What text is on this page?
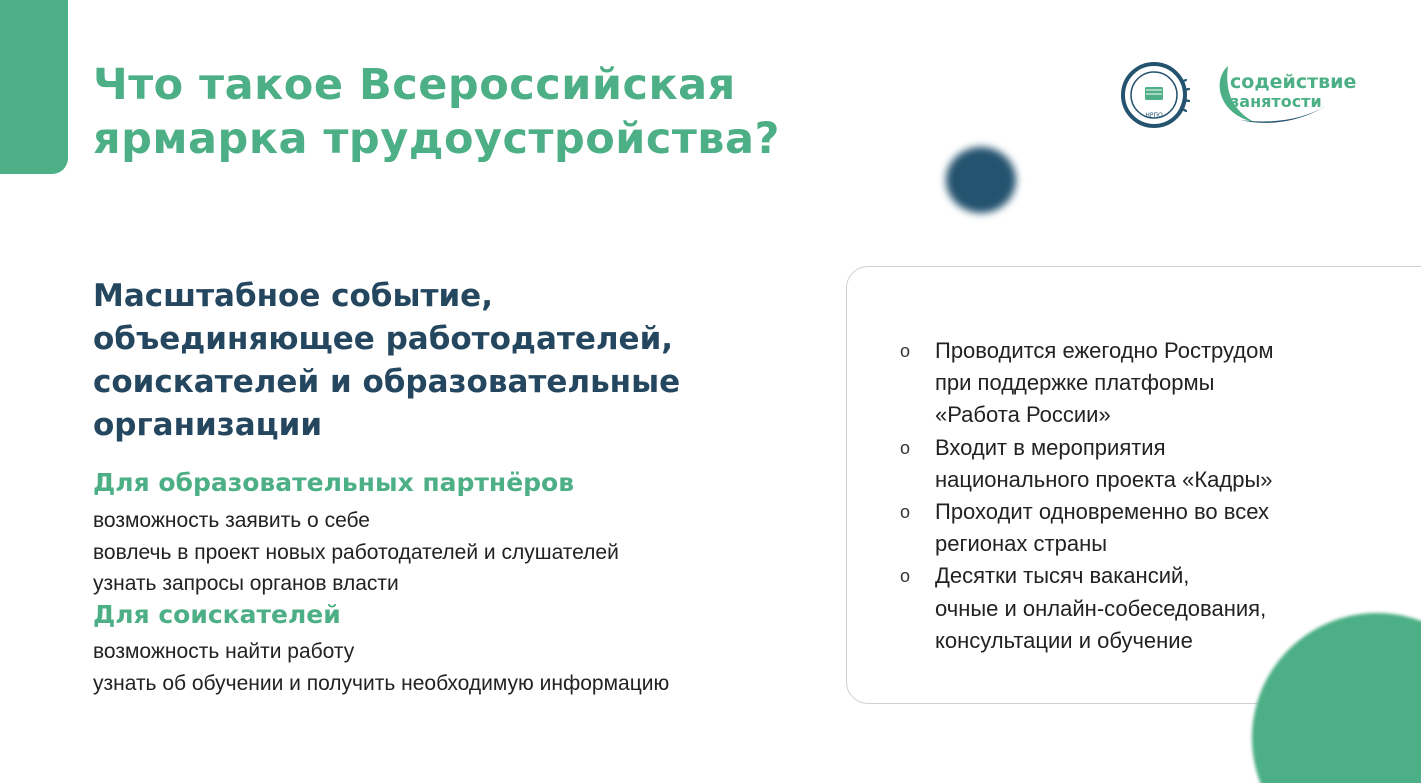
Что такое Всероссийская
ярмарка трудоустройства?	НРПО
содействие
занятости
Масштабное событие,
объединяющее работодателей,
соискателей и образовательные
организации
Для образовательных партнёров
возможность заявить о себе
вовлечь в проект новых работодателей и слушателей
узнать запросы органов власти
Для соискателей
возможность найти работу
узнать об обучении и получить необходимую информацию
o Проводится ежегодно Рострудом
при поддержке платформы
«Работа России»
o Входит в мероприятия
национального проекта «Кадры»
o Проходит одновременно во всех
регионах страны
o Десятки тысяч вакансий,
очные и онлайн-собеседования,
консультации и обучение
